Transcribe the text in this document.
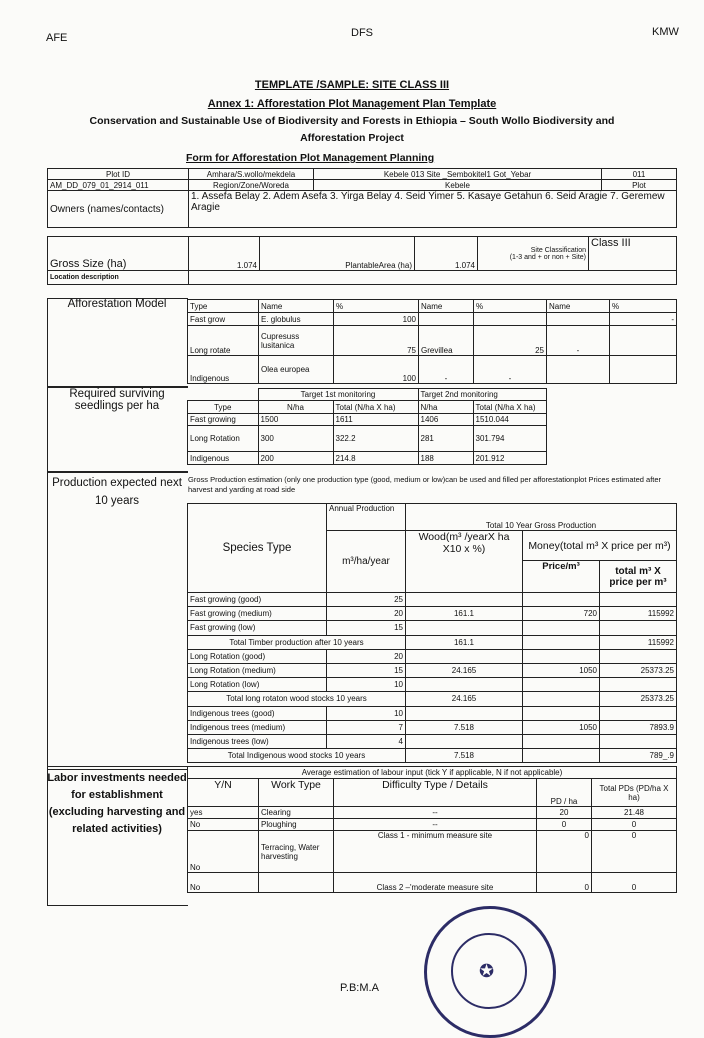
AFE	DFS	KMW
TEMPLATE /SAMPLE: SITE CLASS III
Annex 1: Afforestation Plot Management Plan Template
Conservation and Sustainable Use of Biodiversity and Forests in Ethiopia – South Wollo Biodiversity and
Afforestation Project
Form for Afforestation Plot Management Planning
Plot ID	Amhara/S.wollo/mekdela	Kebele 013 Site _Sembokitel1 Got_Yebar	011
AM_DD_079_01_2914_011	Region/Zone/Woreda	Kebele	Plot
Owners (names/contacts)	1. Assefa Belay 2. Adem Asefa 3. Yirga Belay 4. Seid Yimer 5. Kasaye Getahun 6. Seid Aragie 7. Geremew Aragie		
Gross Size (ha)	1.074	PlantableArea (ha)	1.074	Site Classification
(1-3 and + or non + Site)	Class III
Location description					
Afforestation Model	Type	Name	%	Name	%	Name	%
Fast grow	E. globulus	100				-
Long rotate	Cupresuss lusitanica	75	Grevillea	25	-	
Indigenous	Olea europea	100	-	-		
Required surviving seedlings per ha
	Target 1st monitoring		Target 2nd monitoring		
Type	N/ha	Total (N/ha X ha)	N/ha	Total (N/ha X ha)	
Fast growing	1500	1611	1406	1510.044	
Long Rotation	300	322.2	281	301.794	
Indigenous	200	214.8	188	201.912	
Production expected next 10 years
Gross Production estimation (only one production type (good, medium or low)can be used and filled per afforestationplot Prices estimated after harvest and yarding at road side
Species Type	Annual Production	Total 10 Year Gross Production		
	m³/ha/year	Wood(m³ /yearX ha X10 x %)	Money(total m³ X price per m³)	
			Price/m³	total m³ X price per m³
Fast growing (good)	25			
Fast growing (medium)	20	161.1	720	115992
Fast growing (low)	15			
Total Timber production after 10 years		161.1		115992
Long Rotation (good)	20			
Long Rotation (medium)	15	24.165	1050	25373.25
Long Rotation (low)	10			
Total long rotaton wood stocks 10 years		24.165		25373.25
Indigenous trees (good)	10			
Indigenous trees (medium)	7	7.518	1050	7893.9
Indigenous trees (low)	4			
Total Indigenous wood stocks 10 years		7.518		789_.9
Labor investments needed for establishment (excluding harvesting and related activities)
Average estimation of labour input (tick Y if applicable, N if not applicable)				
Y/N	Work Type	Difficulty Type / Details	PD / ha	Total PDs (PD/ha X ha)
yes	Clearing	--	20	21.48
No	Ploughing	--	0	0
No	Terracing, Water harvesting	Class 1 - minimum measure site	0	0
No		Class 2 –'moderate measure site	0	0
✪
P.B:M.A
